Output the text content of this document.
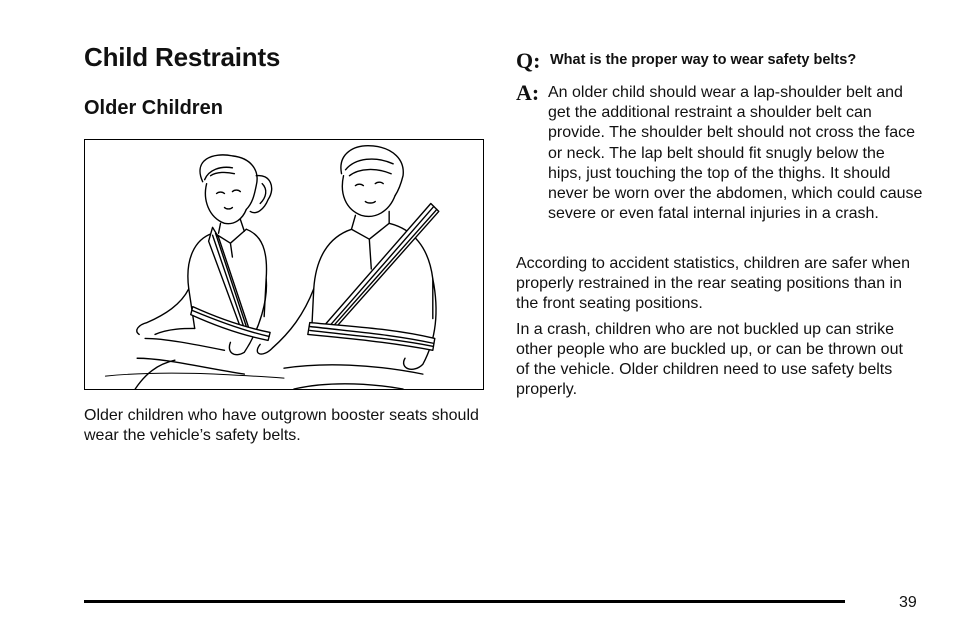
Child Restraints
Older Children

Older children who have outgrown booster seats should wear the vehicle’s safety belts.

Q: What is the proper way to wear safety belts?
A: An older child should wear a lap-shoulder belt and get the additional restraint a shoulder belt can provide. The shoulder belt should not cross the face or neck. The lap belt should fit snugly below the hips, just touching the top of the thighs. It should never be worn over the abdomen, which could cause severe or even fatal internal injuries in a crash.

According to accident statistics, children are safer when properly restrained in the rear seating positions than in the front seating positions.

In a crash, children who are not buckled up can strike other people who are buckled up, or can be thrown out of the vehicle. Older children need to use safety belts properly.

39
